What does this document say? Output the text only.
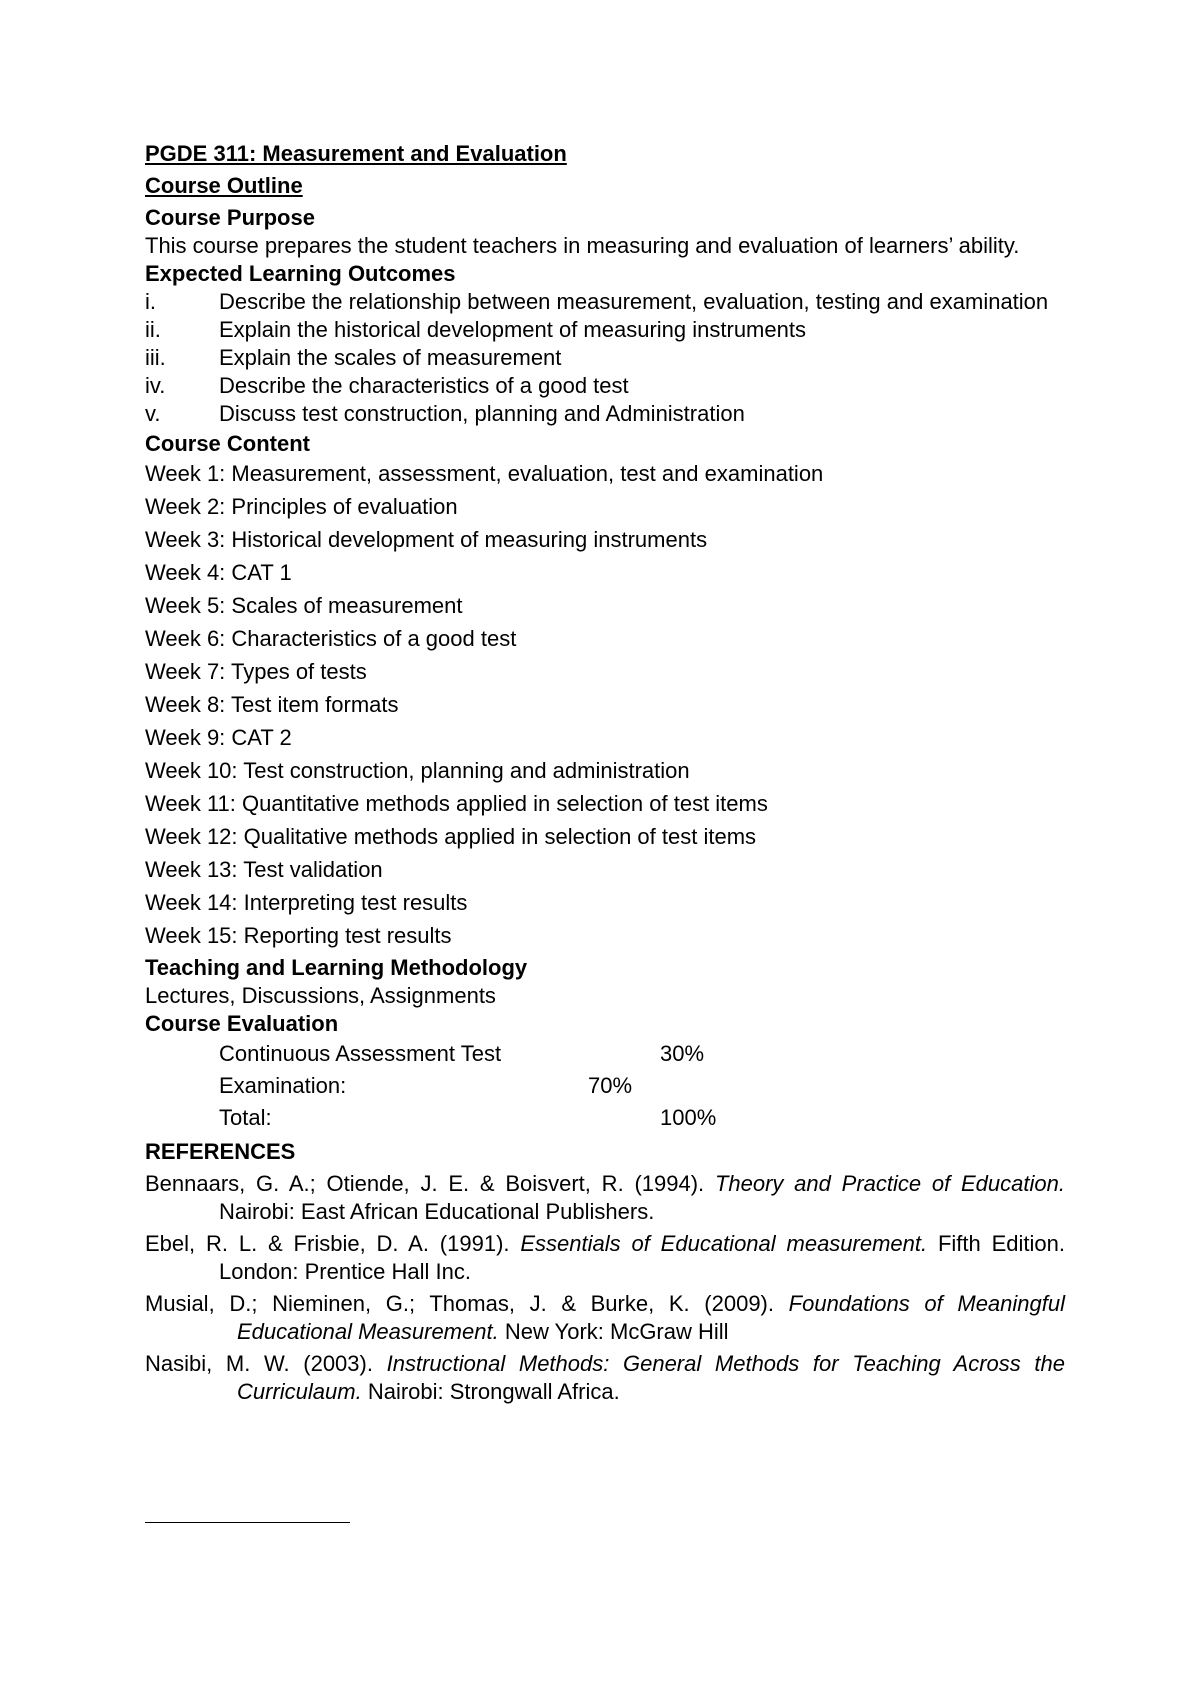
PGDE 311: Measurement and Evaluation

Course Outline

Course Purpose

This course prepares the student teachers in measuring and evaluation of learners’ ability.

Expected Learning Outcomes

i.	Describe the relationship between measurement, evaluation, testing and examination
ii.	Explain the historical development of measuring instruments
iii.	Explain the scales of measurement
iv.	Describe the characteristics of a good test
v.	Discuss test construction, planning and Administration

Course Content

Week 1: Measurement, assessment, evaluation, test and examination

Week 2: Principles of evaluation

Week 3: Historical development of measuring instruments

Week 4: CAT 1

Week 5: Scales of measurement

Week 6: Characteristics of a good test

Week 7: Types of tests

Week 8: Test item formats

Week 9: CAT 2

Week 10: Test construction, planning and administration

Week 11: Quantitative methods applied in selection of test items

Week 12: Qualitative methods applied in selection of test items

Week 13: Test validation

Week 14: Interpreting test results

Week 15: Reporting test results

Teaching and Learning Methodology

Lectures, Discussions, Assignments

Course Evaluation

Continuous Assessment Test	30%
Examination:	70%
Total:	100%

REFERENCES

Bennaars, G. A.; Otiende, J. E. & Boisvert, R. (1994). Theory and Practice of Education. Nairobi: East African Educational Publishers.

Ebel, R. L. & Frisbie, D. A. (1991). Essentials of Educational measurement. Fifth Edition. London: Prentice Hall Inc.

Musial, D.; Nieminen, G.; Thomas, J. & Burke, K. (2009). Foundations of Meaningful Educational Measurement. New York: McGraw Hill

Nasibi, M. W. (2003). Instructional Methods: General Methods for Teaching Across the Curriculaum. Nairobi: Strongwall Africa.
